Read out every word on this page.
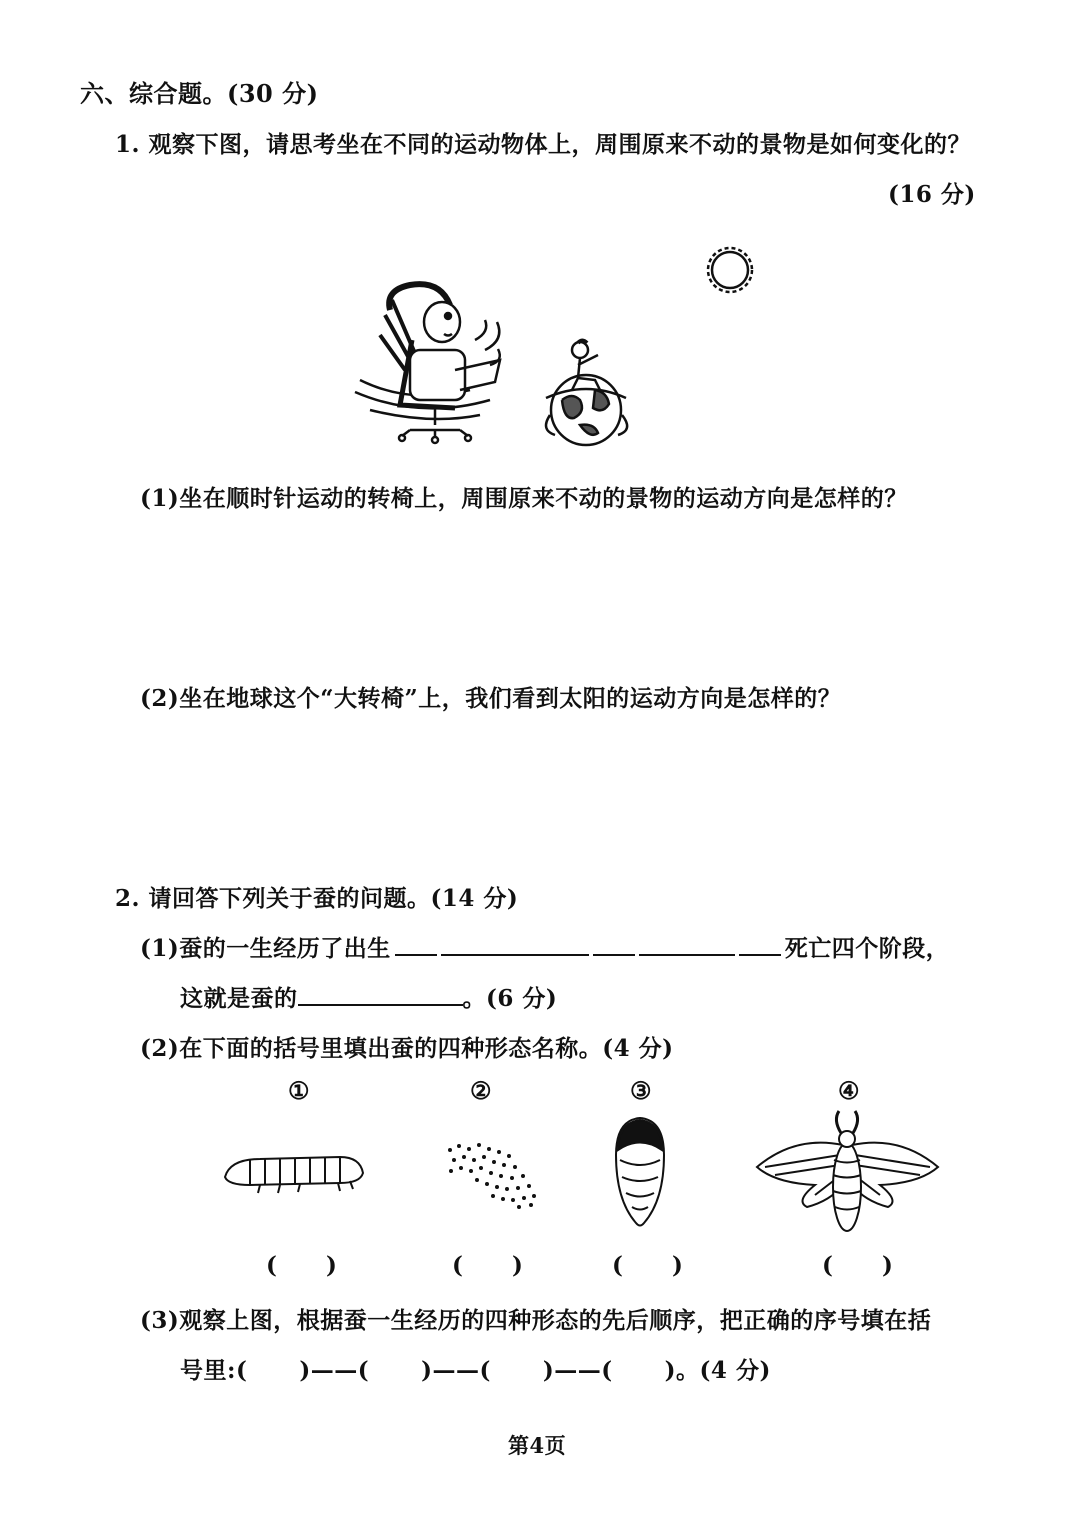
六、综合题。(30 分)
1. 观察下图，请思考坐在不同的运动物体上，周围原来不动的景物是如何变化的？
(16 分)
(1)坐在顺时针运动的转椅上，周围原来不动的景物的运动方向是怎样的？
(2)坐在地球这个“大转椅”上，我们看到太阳的运动方向是怎样的？
2. 请回答下列关于蚕的问题。(14 分)
(1)蚕的一生经历了出生	死亡四个阶段，
这就是蚕的	。(6 分)
(2)在下面的括号里填出蚕的四种形态名称。(4 分)
①	②	③	④
( )	( )	( )	( )
(3)观察上图，根据蚕一生经历的四种形态的先后顺序，把正确的序号填在括
号里:( )——( )——( )——( )。(4 分)
第4页
